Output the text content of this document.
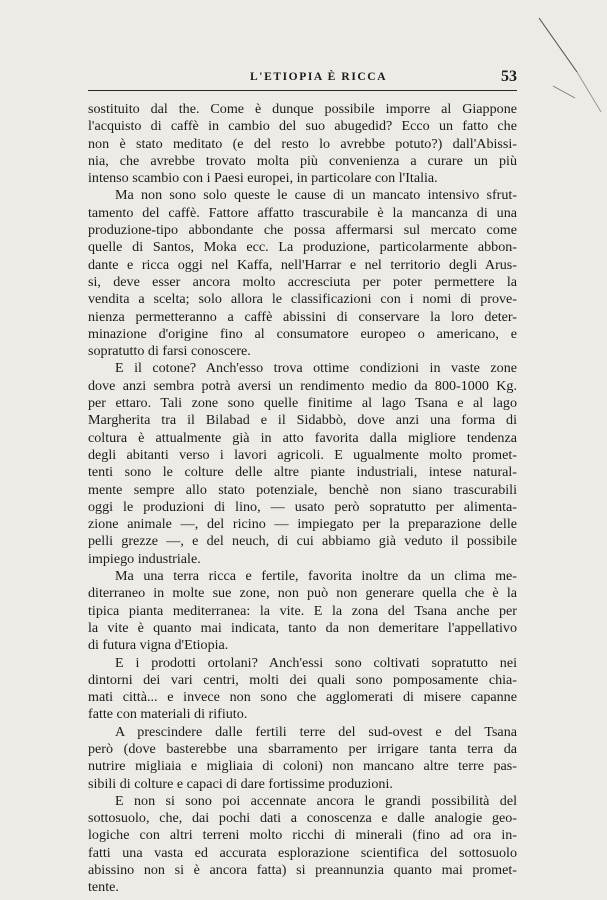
L'ETIOPIA È RICCA	53
sostituito dal the. Come è dunque possibile imporre al Giappone
l'acquisto di caffè in cambio del suo abugedid? Ecco un fatto che
non è stato meditato (e del resto lo avrebbe potuto?) dall'Abissi-
nia, che avrebbe trovato molta più convenienza a curare un più
intenso scambio con i Paesi europei, in particolare con l'Italia.
Ma non sono solo queste le cause di un mancato intensivo sfrut-
tamento del caffè. Fattore affatto trascurabile è la mancanza di una
produzione-tipo abbondante che possa affermarsi sul mercato come
quelle di Santos, Moka ecc. La produzione, particolarmente abbon-
dante e ricca oggi nel Kaffa, nell'Harrar e nel territorio degli Arus-
si, deve esser ancora molto accresciuta per poter permettere la
vendita a scelta; solo allora le classificazioni con i nomi di prove-
nienza permetteranno a caffè abissini di conservare la loro deter-
minazione d'origine fino al consumatore europeo o americano, e
sopratutto di farsi conoscere.
E il cotone? Anch'esso trova ottime condizioni in vaste zone
dove anzi sembra potrà aversi un rendimento medio da 800-1000 Kg.
per ettaro. Tali zone sono quelle finitime al lago Tsana e al lago
Margherita tra il Bilabad e il Sidabbò, dove anzi una forma di
coltura è attualmente già in atto favorita dalla migliore tendenza
degli abitanti verso i lavori agricoli. E ugualmente molto promet-
tenti sono le colture delle altre piante industriali, intese natural-
mente sempre allo stato potenziale, benchè non siano trascurabili
oggi le produzioni di lino, — usato però sopratutto per alimenta-
zione animale —, del ricino — impiegato per la preparazione delle
pelli grezze —, e del neuch, di cui abbiamo già veduto il possibile
impiego industriale.
Ma una terra ricca e fertile, favorita inoltre da un clima me-
diterraneo in molte sue zone, non può non generare quella che è la
tipica pianta mediterranea: la vite. E la zona del Tsana anche per
la vite è quanto mai indicata, tanto da non demeritare l'appellativo
di futura vigna d'Etiopia.
E i prodotti ortolani? Anch'essi sono coltivati sopratutto nei
dintorni dei vari centri, molti dei quali sono pomposamente chia-
mati città... e invece non sono che agglomerati di misere capanne
fatte con materiali di rifiuto.
A prescindere dalle fertili terre del sud-ovest e del Tsana
però (dove basterebbe una sbarramento per irrigare tanta terra da
nutrire migliaia e migliaia di coloni) non mancano altre terre pas-
sibili di colture e capaci di dare fortissime produzioni.
E non si sono poi accennate ancora le grandi possibilità del
sottosuolo, che, dai pochi dati a conoscenza e dalle analogie geo-
logiche con altri terreni molto ricchi di minerali (fino ad ora in-
fatti una vasta ed accurata esplorazione scientifica del sottosuolo
abissino non si è ancora fatta) si preannunzia quanto mai promet-
tente.
